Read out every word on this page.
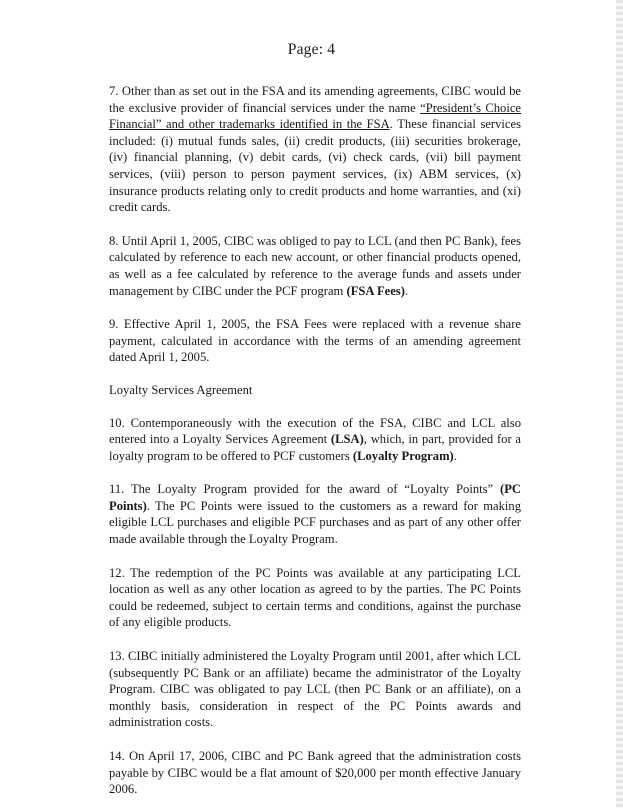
Page: 4

7. Other than as set out in the FSA and its amending agreements, CIBC would be the exclusive provider of financial services under the name “President’s Choice Financial” and other trademarks identified in the FSA. These financial services included: (i) mutual funds sales, (ii) credit products, (iii) securities brokerage, (iv) financial planning, (v) debit cards, (vi) check cards, (vii) bill payment services, (viii) person to person payment services, (ix) ABM services, (x) insurance products relating only to credit products and home warranties, and (xi) credit cards.

8. Until April 1, 2005, CIBC was obliged to pay to LCL (and then PC Bank), fees calculated by reference to each new account, or other financial products opened, as well as a fee calculated by reference to the average funds and assets under management by CIBC under the PCF program (FSA Fees).

9. Effective April 1, 2005, the FSA Fees were replaced with a revenue share payment, calculated in accordance with the terms of an amending agreement dated April 1, 2005.

Loyalty Services Agreement

10. Contemporaneously with the execution of the FSA, CIBC and LCL also entered into a Loyalty Services Agreement (LSA), which, in part, provided for a loyalty program to be offered to PCF customers (Loyalty Program).

11. The Loyalty Program provided for the award of “Loyalty Points” (PC Points). The PC Points were issued to the customers as a reward for making eligible LCL purchases and eligible PCF purchases and as part of any other offer made available through the Loyalty Program.

12. The redemption of the PC Points was available at any participating LCL location as well as any other location as agreed to by the parties. The PC Points could be redeemed, subject to certain terms and conditions, against the purchase of any eligible products.

13. CIBC initially administered the Loyalty Program until 2001, after which LCL (subsequently PC Bank or an affiliate) became the administrator of the Loyalty Program. CIBC was obligated to pay LCL (then PC Bank or an affiliate), on a monthly basis, consideration in respect of the PC Points awards and administration costs.

14. On April 17, 2006, CIBC and PC Bank agreed that the administration costs payable by CIBC would be a flat amount of $20,000 per month effective January 2006.
